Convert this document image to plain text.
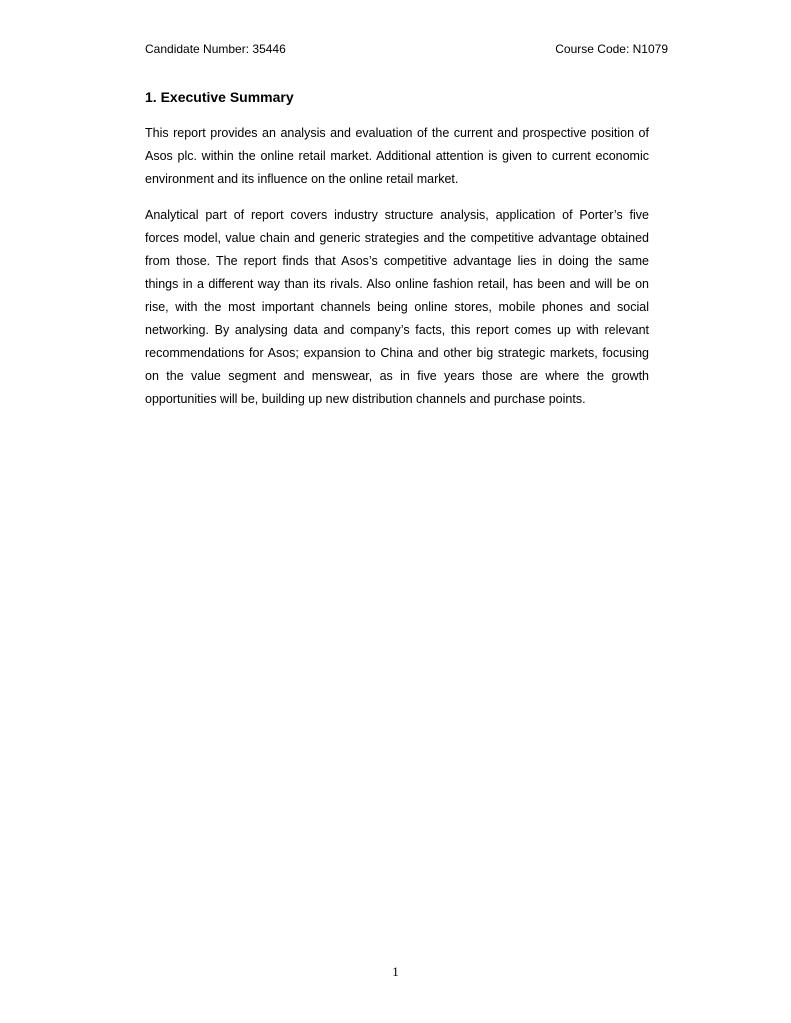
Candidate Number: 35446	Course Code: N1079
1. Executive Summary

This report provides an analysis and evaluation of the current and prospective position of Asos plc. within the online retail market. Additional attention is given to current economic environment and its influence on the online retail market.

Analytical part of report covers industry structure analysis, application of Porter’s five forces model, value chain and generic strategies and the competitive advantage obtained from those. The report finds that Asos’s competitive advantage lies in doing the same things in a different way than its rivals. Also online fashion retail, has been and will be on rise, with the most important channels being online stores, mobile phones and social networking. By analysing data and company’s facts, this report comes up with relevant recommendations for Asos; expansion to China and other big strategic markets, focusing on the value segment and menswear, as in five years those are where the growth opportunities will be, building up new distribution channels and purchase points.

1
